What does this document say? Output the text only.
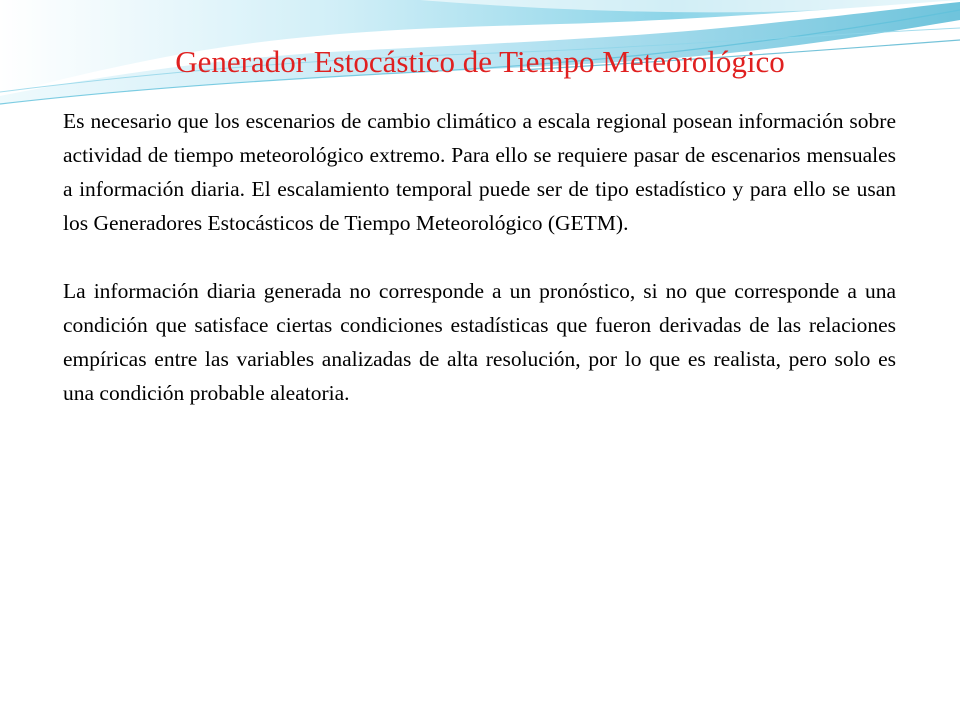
Generador Estocástico de Tiempo Meteorológico

Es necesario que los escenarios de cambio climático a escala regional posean información sobre actividad de tiempo meteorológico extremo. Para ello se requiere pasar de escenarios mensuales a información diaria. El escalamiento temporal puede ser de tipo estadístico y para ello se usan los Generadores Estocásticos de Tiempo Meteorológico (GETM).

La información diaria generada no corresponde a un pronóstico, si no que corresponde a una condición que satisface ciertas condiciones estadísticas que fueron derivadas de las relaciones empíricas entre las variables analizadas de alta resolución, por lo que es realista, pero solo es una condición probable aleatoria.
